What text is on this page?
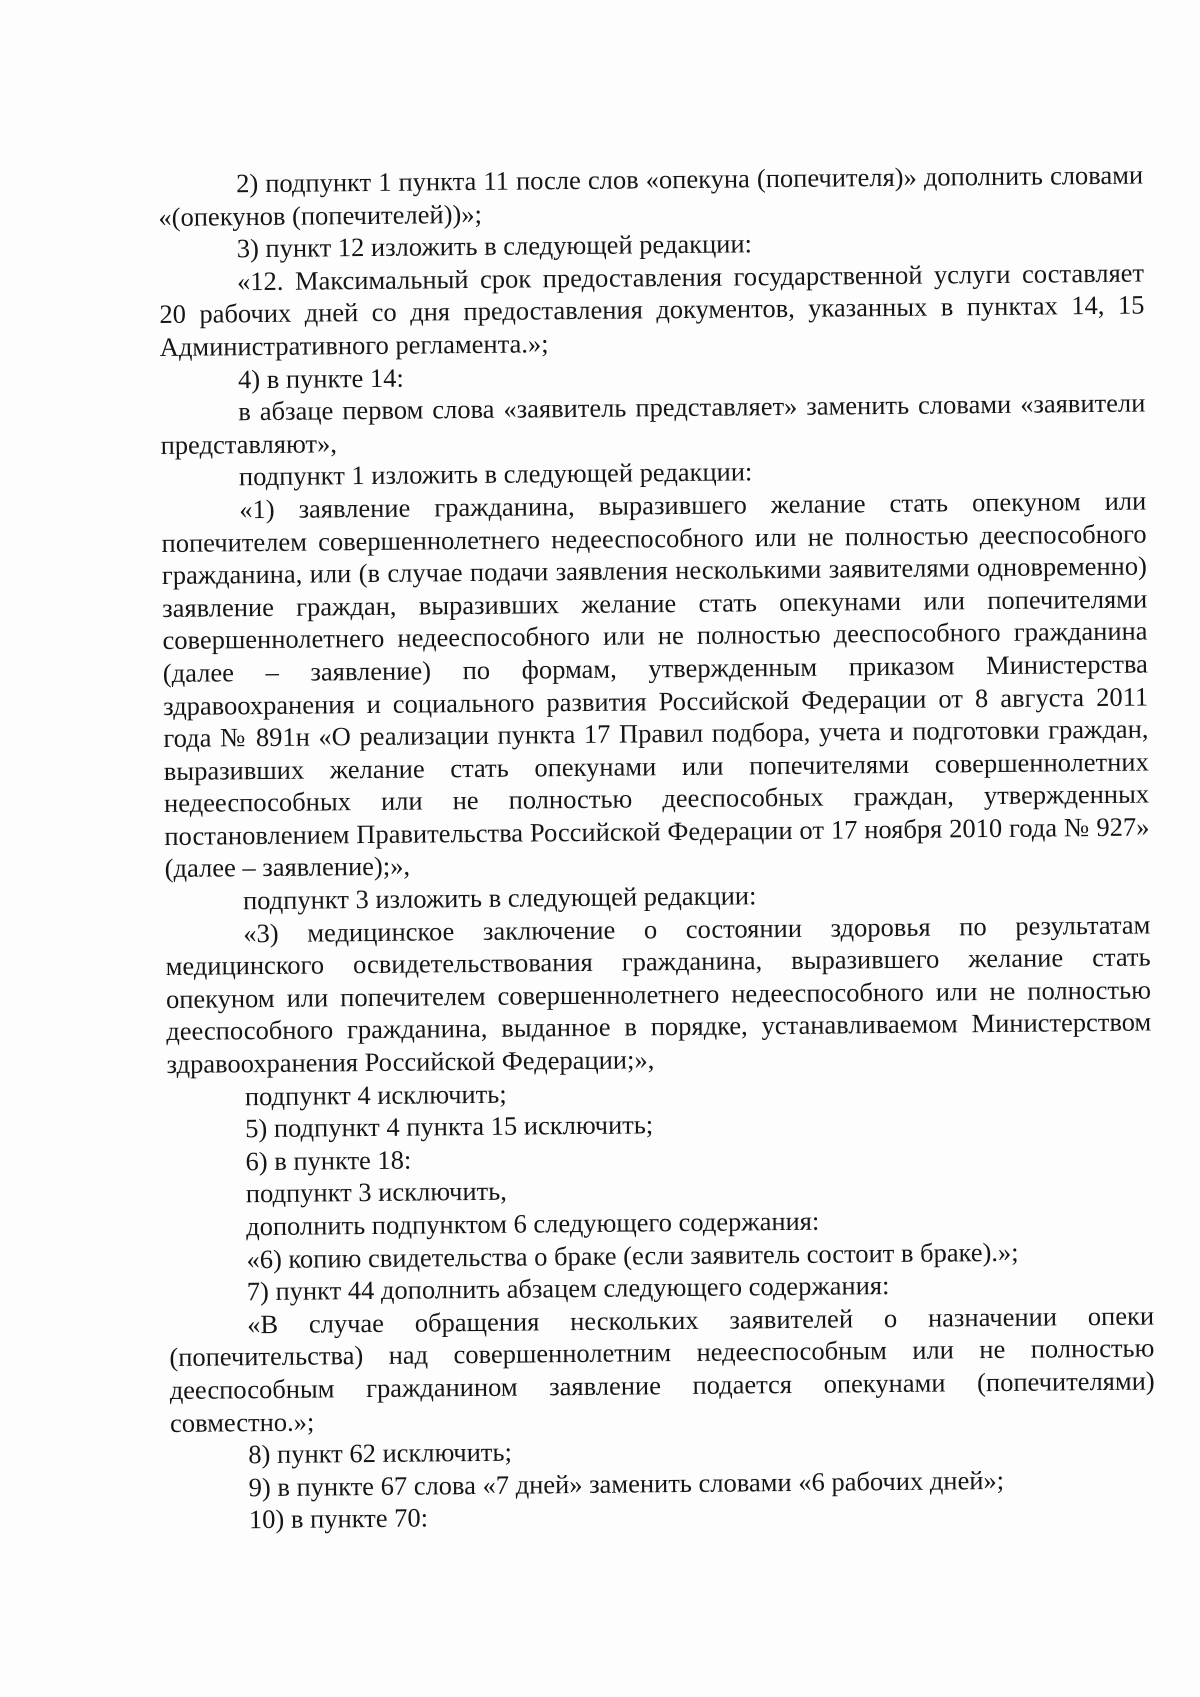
2) подпункт 1 пункта 11 после слов «опекуна (попечителя)» дополнить словами «(опекунов (попечителей))»;

3) пункт 12 изложить в следующей редакции:

«12. Максимальный срок предоставления государственной услуги составляет 20 рабочих дней со дня предоставления документов, указанных в пунктах 14, 15 Административного регламента.»;

4) в пункте 14:

в абзаце первом слова «заявитель представляет» заменить словами «заявители представляют»,

подпункт 1 изложить в следующей редакции:

«1) заявление гражданина, выразившего желание стать опекуном или попечителем совершеннолетнего недееспособного или не полностью дееспособного гражданина, или (в случае подачи заявления несколькими заявителями одновременно) заявление граждан, выразивших желание стать опекунами или попечителями совершеннолетнего недееспособного или не полностью дееспособного гражданина (далее – заявление) по формам, утвержденным приказом Министерства здравоохранения и социального развития Российской Федерации от 8 августа 2011 года № 891н «О реализации пункта 17 Правил подбора, учета и подготовки граждан, выразивших желание стать опекунами или попечителями совершеннолетних недееспособных или не полностью дееспособных граждан, утвержденных постановлением Правительства Российской Федерации от 17 ноября 2010 года № 927» (далее – заявление);»,

подпункт 3 изложить в следующей редакции:

«3) медицинское заключение о состоянии здоровья по результатам медицинского освидетельствования гражданина, выразившего желание стать опекуном или попечителем совершеннолетнего недееспособного или не полностью дееспособного гражданина, выданное в порядке, устанавливаемом Министерством здравоохранения Российской Федерации;»,

подпункт 4 исключить;

5) подпункт 4 пункта 15 исключить;

6) в пункте 18:

подпункт 3 исключить,

дополнить подпунктом 6 следующего содержания:

«6) копию свидетельства о браке (если заявитель состоит в браке).»;

7) пункт 44 дополнить абзацем следующего содержания:

«В случае обращения нескольких заявителей о назначении опеки (попечительства) над совершеннолетним недееспособным или не полностью дееспособным гражданином заявление подается опекунами (попечителями) совместно.»;

8) пункт 62 исключить;

9) в пункте 67 слова «7 дней» заменить словами «6 рабочих дней»;

10) в пункте 70:
